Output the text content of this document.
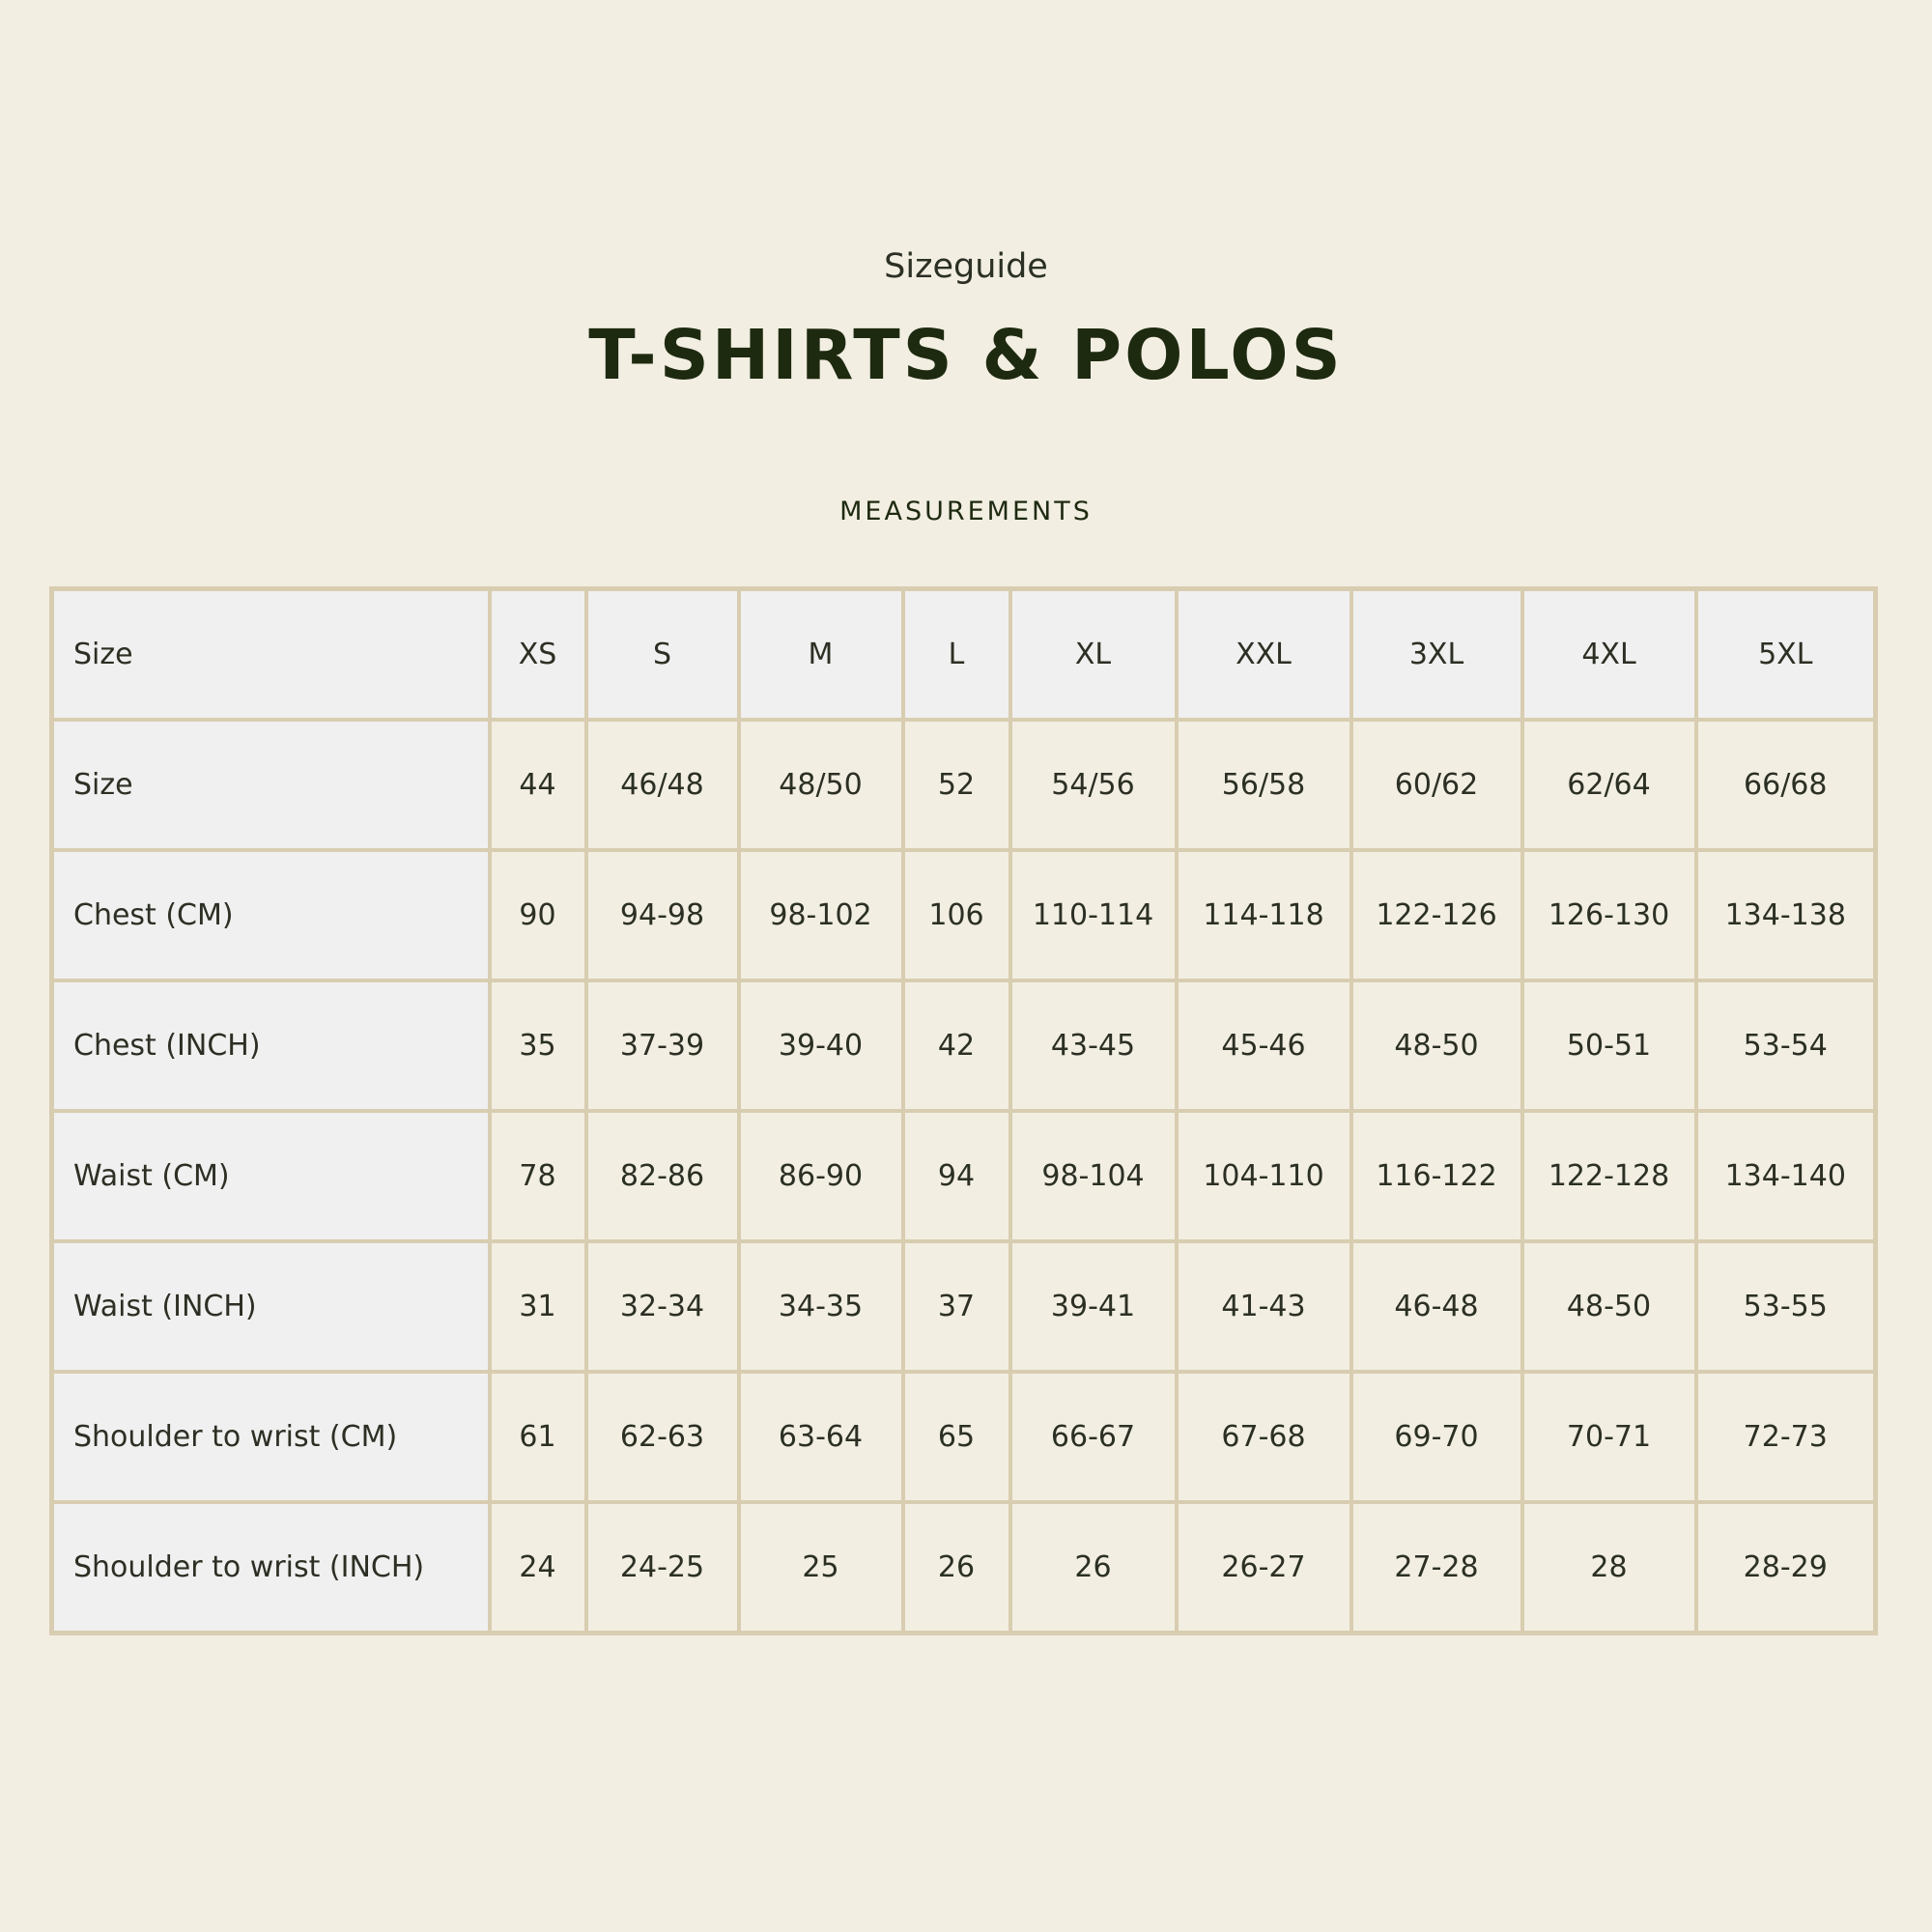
Sizeguide
T-SHIRTS & POLOS
MEASUREMENTS
Size	XS	S	M	L	XL	XXL	3XL	4XL	5XL
Size	44	46/48	48/50	52	54/56	56/58	60/62	62/64	66/68
Chest (CM)	90	94-98	98-102	106	110-114	114-118	122-126	126-130	134-138
Chest (INCH)	35	37-39	39-40	42	43-45	45-46	48-50	50-51	53-54
Waist (CM)	78	82-86	86-90	94	98-104	104-110	116-122	122-128	134-140
Waist (INCH)	31	32-34	34-35	37	39-41	41-43	46-48	48-50	53-55
Shoulder to wrist (CM)	61	62-63	63-64	65	66-67	67-68	69-70	70-71	72-73
Shoulder to wrist (INCH)	24	24-25	25	26	26	26-27	27-28	28	28-29
